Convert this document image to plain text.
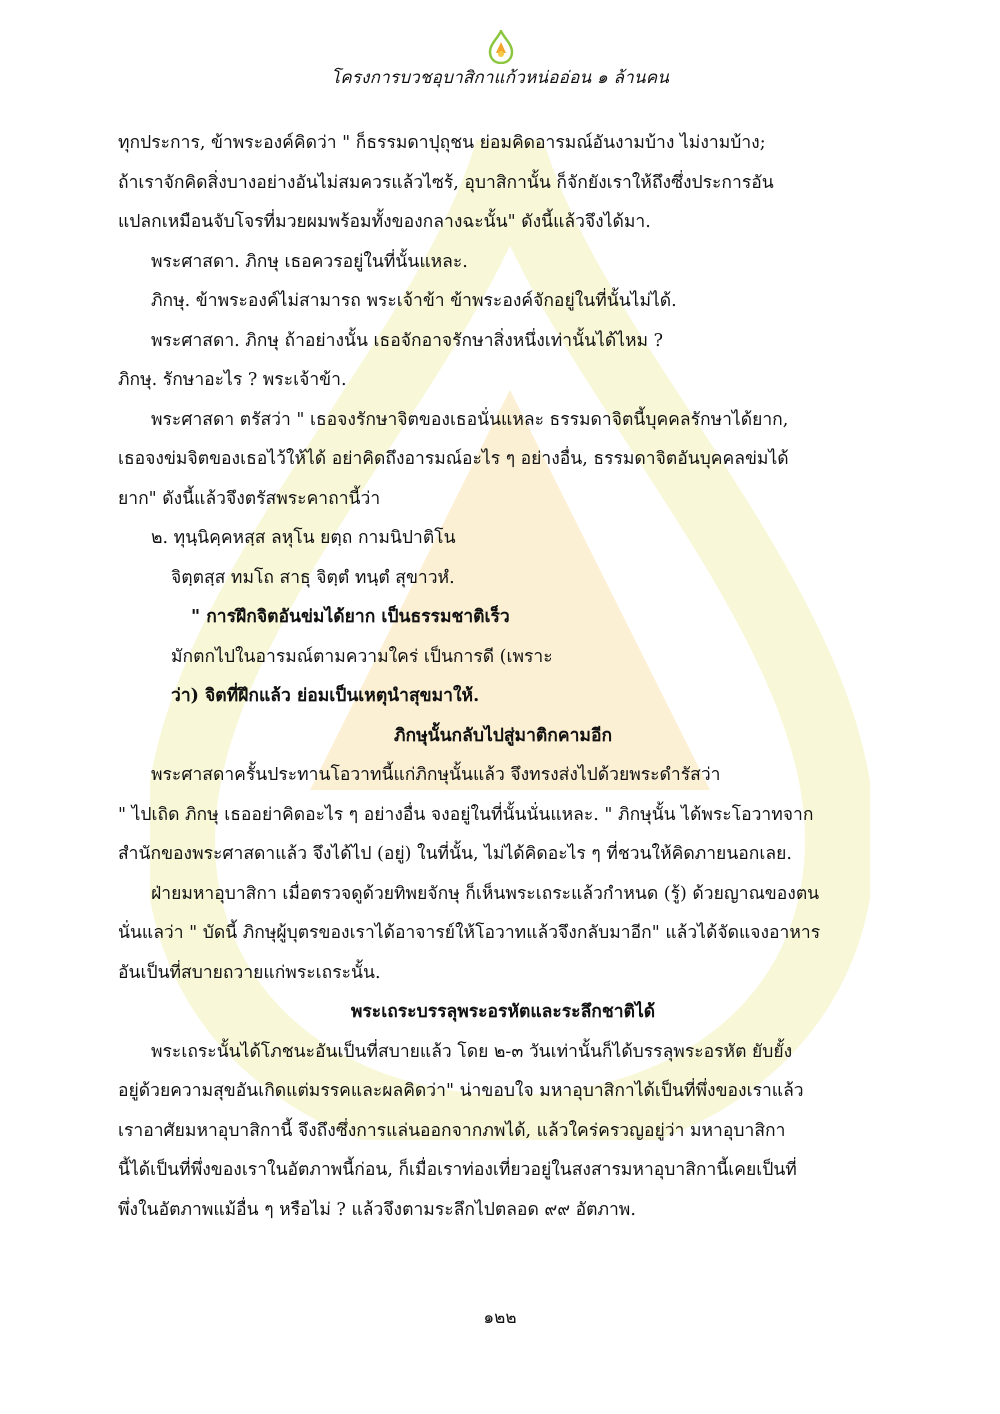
โครงการบวชอุบาสิกาแก้วหน่ออ่อน ๑ ล้านคน

ทุกประการ, ข้าพระองค์คิดว่า " ก็ธรรมดาปุถุชน ย่อมคิดอารมณ์อันงามบ้าง ไม่งามบ้าง;

ถ้าเราจักคิดสิ่งบางอย่างอันไม่สมควรแล้วไซร้, อุบาสิกานั้น ก็จักยังเราให้ถึงซึ่งประการอัน

แปลกเหมือนจับโจรที่มวยผมพร้อมทั้งของกลางฉะนั้น" ดังนี้แล้วจึงได้มา.

พระศาสดา. ภิกษุ เธอควรอยู่ในที่นั้นแหละ.

ภิกษุ. ข้าพระองค์ไม่สามารถ พระเจ้าข้า ข้าพระองค์จักอยู่ในที่นั้นไม่ได้.

พระศาสดา. ภิกษุ ถ้าอย่างนั้น เธอจักอาจรักษาสิ่งหนึ่งเท่านั้นได้ไหม ?

ภิกษุ. รักษาอะไร ? พระเจ้าข้า.

พระศาสดา ตรัสว่า " เธอจงรักษาจิตของเธอนั่นแหละ ธรรมดาจิตนี้บุคคลรักษาได้ยาก,

เธอจงข่มจิตของเธอไว้ให้ได้ อย่าคิดถึงอารมณ์อะไร ๆ อย่างอื่น, ธรรมดาจิตอันบุคคลข่มได้

ยาก" ดังนี้แล้วจึงตรัสพระคาถานี้ว่า

๒. ทุนฺนิคฺคหสฺส ลหุโน ยตฺถ กามนิปาติโน

จิตฺตสฺส ทมโถ สาธุ จิตฺตํ ทนฺตํ สุขาวหํ.

" การฝึกจิตอันข่มได้ยาก เป็นธรรมชาติเร็ว

มักตกไปในอารมณ์ตามความใคร่ เป็นการดี (เพราะ

ว่า) จิตที่ฝึกแล้ว ย่อมเป็นเหตุนำสุขมาให้.

ภิกษุนั้นกลับไปสู่มาติกคามอีก

พระศาสดาครั้นประทานโอวาทนี้แก่ภิกษุนั้นแล้ว จึงทรงส่งไปด้วยพระดำรัสว่า

" ไปเถิด ภิกษุ เธออย่าคิดอะไร ๆ อย่างอื่น จงอยู่ในที่นั้นนั่นแหละ. " ภิกษุนั้น ได้พระโอวาทจาก

สำนักของพระศาสดาแล้ว จึงได้ไป (อยู่) ในที่นั้น, ไม่ได้คิดอะไร ๆ ที่ชวนให้คิดภายนอกเลย.

ฝ่ายมหาอุบาสิกา เมื่อตรวจดูด้วยทิพยจักษุ ก็เห็นพระเถระแล้วกำหนด (รู้) ด้วยญาณของตน

นั่นแลว่า " บัดนี้ ภิกษุผู้บุตรของเราได้อาจารย์ให้โอวาทแล้วจึงกลับมาอีก" แล้วได้จัดแจงอาหาร

อันเป็นที่สบายถวายแก่พระเถระนั้น.

พระเถระบรรลุพระอรหัตและระลึกชาติได้

พระเถระนั้นได้โภชนะอันเป็นที่สบายแล้ว โดย ๒-๓ วันเท่านั้นก็ได้บรรลุพระอรหัต ยับยั้ง

อยู่ด้วยความสุขอันเกิดแต่มรรคและผลคิดว่า" น่าขอบใจ มหาอุบาสิกาได้เป็นที่พึ่งของเราแล้ว

เราอาศัยมหาอุบาสิกานี้ จึงถึงซึ่งการแล่นออกจากภพได้, แล้วใคร่ครวญอยู่ว่า มหาอุบาสิกา

นี้ได้เป็นที่พึ่งของเราในอัตภาพนี้ก่อน, ก็เมื่อเราท่องเที่ยวอยู่ในสงสารมหาอุบาสิกานี้เคยเป็นที่

พึ่งในอัตภาพแม้อื่น ๆ หรือไม่ ? แล้วจึงตามระลึกไปตลอด ๙๙ อัตภาพ.

๑๒๒
